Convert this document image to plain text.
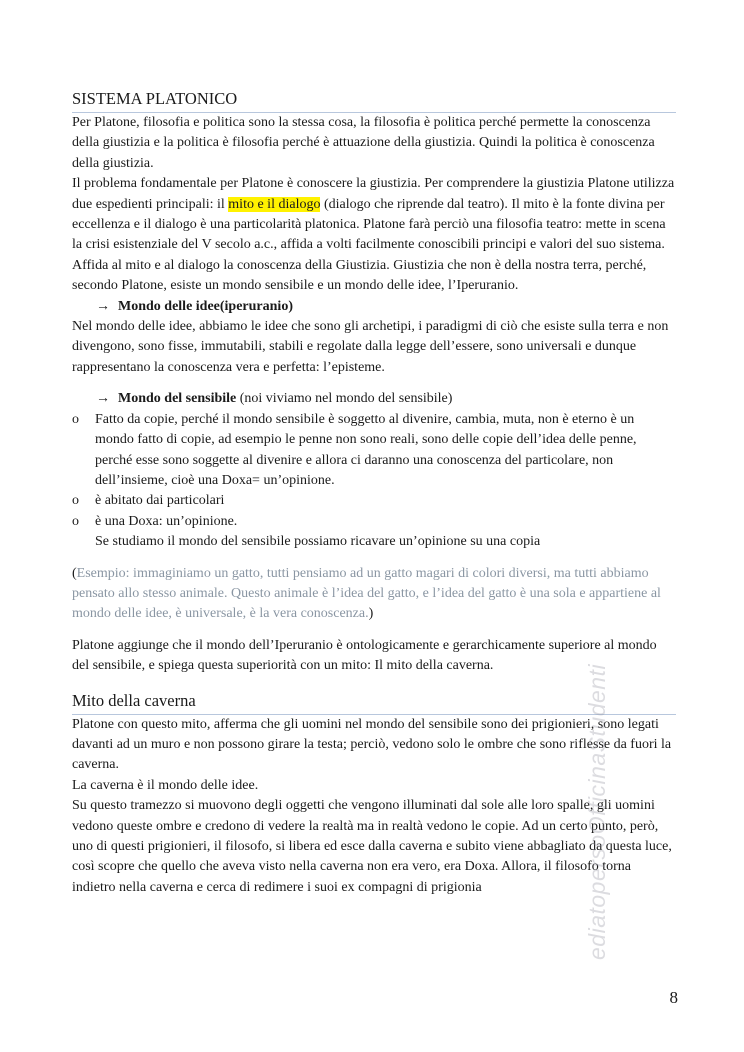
SISTEMA PLATONICO

Per Platone, filosofia e politica sono la stessa cosa, la filosofia è politica perché permette la conoscenza della giustizia e la politica è filosofia perché è attuazione della giustizia. Quindi la politica è conoscenza della giustizia.

Il problema fondamentale per Platone è conoscere la giustizia. Per comprendere la giustizia Platone utilizza due espedienti principali: il mito e il dialogo (dialogo che riprende dal teatro). Il mito è la fonte divina per eccellenza e il dialogo è una particolarità platonica. Platone farà perciò una filosofia teatro: mette in scena la crisi esistenziale del V secolo a.c., affida a volti facilmente conoscibili principi e valori del suo sistema.

Affida al mito e al dialogo la conoscenza della Giustizia. Giustizia che non è della nostra terra, perché, secondo Platone, esiste un mondo sensibile e un mondo delle idee, l’Iperuranio.

→ Mondo delle idee(iperuranio)

Nel mondo delle idee, abbiamo le idee che sono gli archetipi, i paradigmi di ciò che esiste sulla terra e non divengono, sono fisse, immutabili, stabili e regolate dalla legge dell’essere, sono universali e dunque rappresentano la conoscenza vera e perfetta: l’episteme.

→ Mondo del sensibile (noi viviamo nel mondo del sensibile)
o Fatto da copie, perché il mondo sensibile è soggetto al divenire, cambia, muta, non è eterno è un mondo fatto di copie, ad esempio le penne non sono reali, sono delle copie dell’idea delle penne, perché esse sono soggette al divenire e allora ci daranno una conoscenza del particolare, non dell’insieme, cioè una Doxa= un’opinione.
o è abitato dai particolari
o è una Doxa: un’opinione.
Se studiamo il mondo del sensibile possiamo ricavare un’opinione su una copia

(Esempio: immaginiamo un gatto, tutti pensiamo ad un gatto magari di colori diversi, ma tutti abbiamo pensato allo stesso animale. Questo animale è l’idea del gatto, e l’idea del gatto è una sola e appartiene al mondo delle idee, è universale, è la vera conoscenza.)

Platone aggiunge che il mondo dell’Iperuranio è ontologicamente e gerarchicamente superiore al mondo del sensibile, e spiega questa superiorità con un mito: Il mito della caverna.

Mito della caverna

Platone con questo mito, afferma che gli uomini nel mondo del sensibile sono dei prigionieri, sono legati davanti ad un muro e non possono girare la testa; perciò, vedono solo le ombre che sono riflesse da fuori la caverna.

La caverna è il mondo delle idee.

Su questo tramezzo si muovono degli oggetti che vengono illuminati dal sole alle loro spalle, gli uomini vedono queste ombre e credono di vedere la realtà ma in realtà vedono le copie. Ad un certo punto, però, uno di questi prigionieri, il filosofo, si libera ed esce dalla caverna e subito viene abbagliato da questa luce, così scopre che quello che aveva visto nella caverna non era vero, era Doxa. Allora, il filosofo torna indietro nella caverna e cerca di redimere i suoi ex compagni di prigionia	ediatopersoOfficinaStudenti
8
